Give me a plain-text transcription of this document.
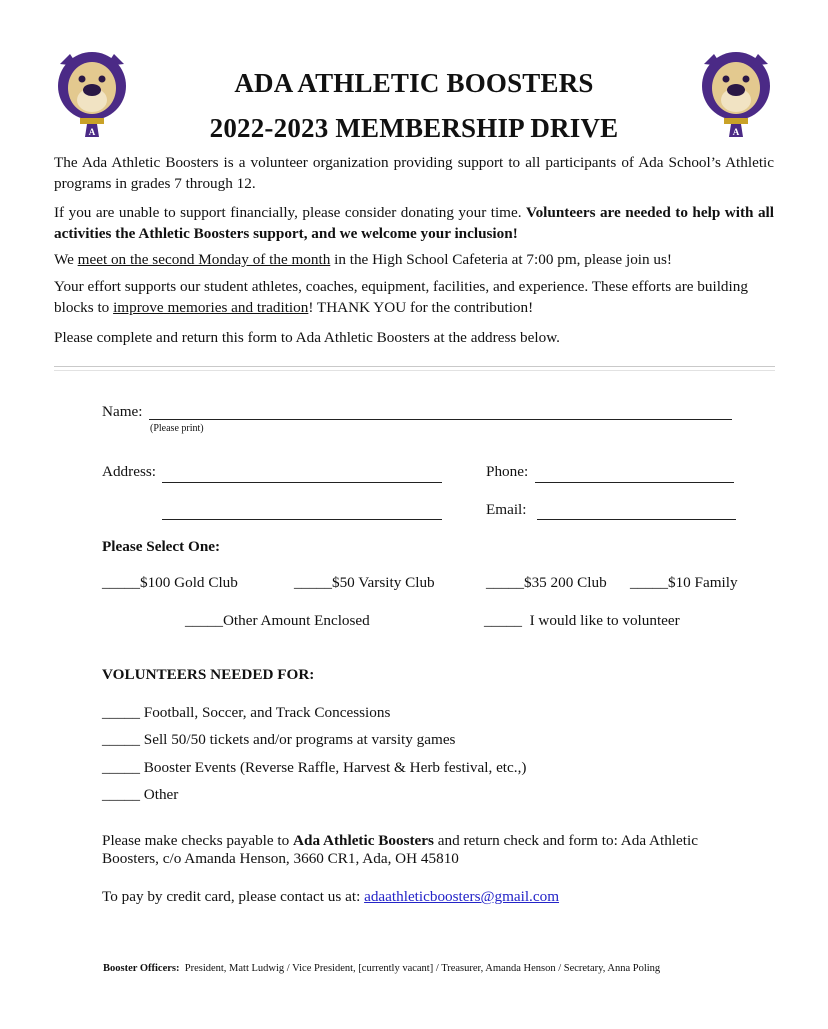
A	A
ADA ATHLETIC BOOSTERS
2022-2023 MEMBERSHIP DRIVE
The Ada Athletic Boosters is a volunteer organization providing support to all participants of Ada School’s Athletic programs in grades 7 through 12.
If you are unable to support financially, please consider donating your time. Volunteers are needed to help with all activities the Athletic Boosters support, and we welcome your inclusion!
We meet on the second Monday of the month in the High School Cafeteria at 7:00 pm, please join us!
Your effort supports our student athletes, coaches, equipment, facilities, and experience. These efforts are building blocks to improve memories and tradition! THANK YOU for the contribution!
Please complete and return this form to Ada Athletic Boosters at the address below.
Name:
(Please print)
Address:	Phone:
Email:
Please Select One:
_____$100 Gold Club	_____$50 Varsity Club	_____$35 200 Club _____$10 Family
_____Other Amount Enclosed	_____  I would like to volunteer
VOLUNTEERS NEEDED FOR:
_____ Football, Soccer, and Track Concessions
_____ Sell 50/50 tickets and/or programs at varsity games
_____ Booster Events (Reverse Raffle, Harvest & Herb festival, etc.,)
_____ Other
Please make checks payable to Ada Athletic Boosters and return check and form to: Ada Athletic
Boosters, c/o Amanda Henson, 3660 CR1, Ada, OH 45810
To pay by credit card, please contact us at: adaathleticboosters@gmail.com
Booster Officers:  President, Matt Ludwig / Vice President, [currently vacant] / Treasurer, Amanda Henson / Secretary, Anna Poling
